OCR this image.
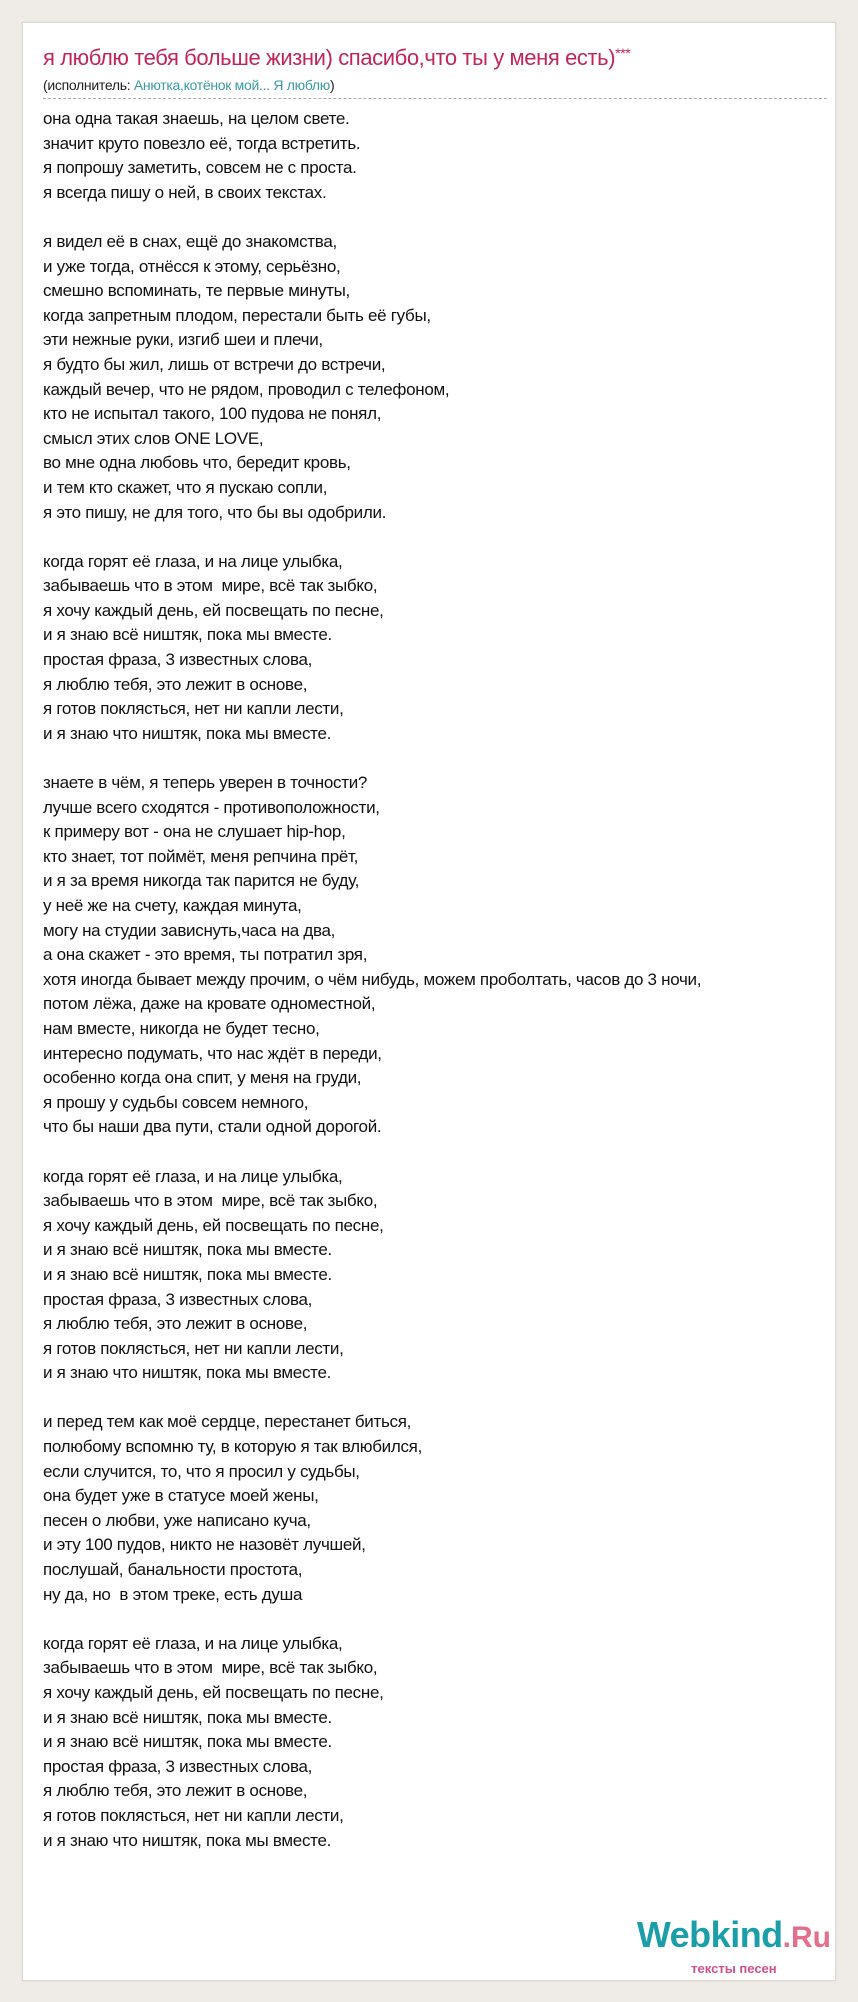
я люблю тебя больше жизни) спасибо,что ты у меня есть)***
(исполнитель: Анютка,котёнок мой... Я люблю)
она одна такая знаешь, на целом свете.
значит круто повезло её, тогда встретить.
я попрошу заметить, совсем не с проста.
я всегда пишу о ней, в своих текстах.

я видел её в снах, ещё до знакомства,
и уже тогда, отнёсся к этому, серьёзно,
смешно вспоминать, те первые минуты,
когда запретным плодом, перестали быть её губы,
эти нежные руки, изгиб шеи и плечи,
я будто бы жил, лишь от встречи до встречи,
каждый вечер, что не рядом, проводил с телефоном,
кто не испытал такого, 100 пудова не понял,
смысл этих слов ONE LOVE,
во мне одна любовь что, бередит кровь,
и тем кто скажет, что я пускаю сопли,
я это пишу, не для того, что бы вы одобрили.

когда горят её глаза, и на лице улыбка,
забываешь что в этом  мире, всё так зыбко,
я хочу каждый день, ей посвещать по песне,
и я знаю всё ништяк, пока мы вместе.
простая фраза, 3 известных слова,
я люблю тебя, это лежит в основе,
я готов поклясться, нет ни капли лести,
и я знаю что ништяк, пока мы вместе.

знаете в чём, я теперь уверен в точности?
лучше всего сходятся - противоположности,
к примеру вот - она не слушает hip-hop,
кто знает, тот поймёт, меня репчина прёт,
и я за время никогда так парится не буду,
у неё же на счету, каждая минута,
могу на студии зависнуть,часа на два,
а она скажет - это время, ты потратил зря,
хотя иногда бывает между прочим, о чём нибудь, можем проболтать, часов до 3 ночи,
потом лёжа, даже на кровате одноместной,
нам вместе, никогда не будет тесно,
интересно подумать, что нас ждёт в переди,
особенно когда она спит, у меня на груди,
я прошу у судьбы совсем немного,
что бы наши два пути, стали одной дорогой.

когда горят её глаза, и на лице улыбка,
забываешь что в этом  мире, всё так зыбко,
я хочу каждый день, ей посвещать по песне,
и я знаю всё ништяк, пока мы вместе.
и я знаю всё ништяк, пока мы вместе.
простая фраза, 3 известных слова,
я люблю тебя, это лежит в основе,
я готов поклясться, нет ни капли лести,
и я знаю что ништяк, пока мы вместе.

и перед тем как моё сердце, перестанет биться,
полюбому вспомню ту, в которую я так влюбился,
если случится, то, что я просил у судьбы,
она будет уже в статусе моей жены,
песен о любви, уже написано куча,
и эту 100 пудов, никто не назовёт лучшей,
послушай, банальности простота,
ну да, но  в этом треке, есть душа

когда горят её глаза, и на лице улыбка,
забываешь что в этом  мире, всё так зыбко,
я хочу каждый день, ей посвещать по песне,
и я знаю всё ништяк, пока мы вместе.
и я знаю всё ништяк, пока мы вместе.
простая фраза, 3 известных слова,
я люблю тебя, это лежит в основе,
я готов поклясться, нет ни капли лести,
и я знаю что ништяк, пока мы вместе.
Webkind.Ru
тексты песен
